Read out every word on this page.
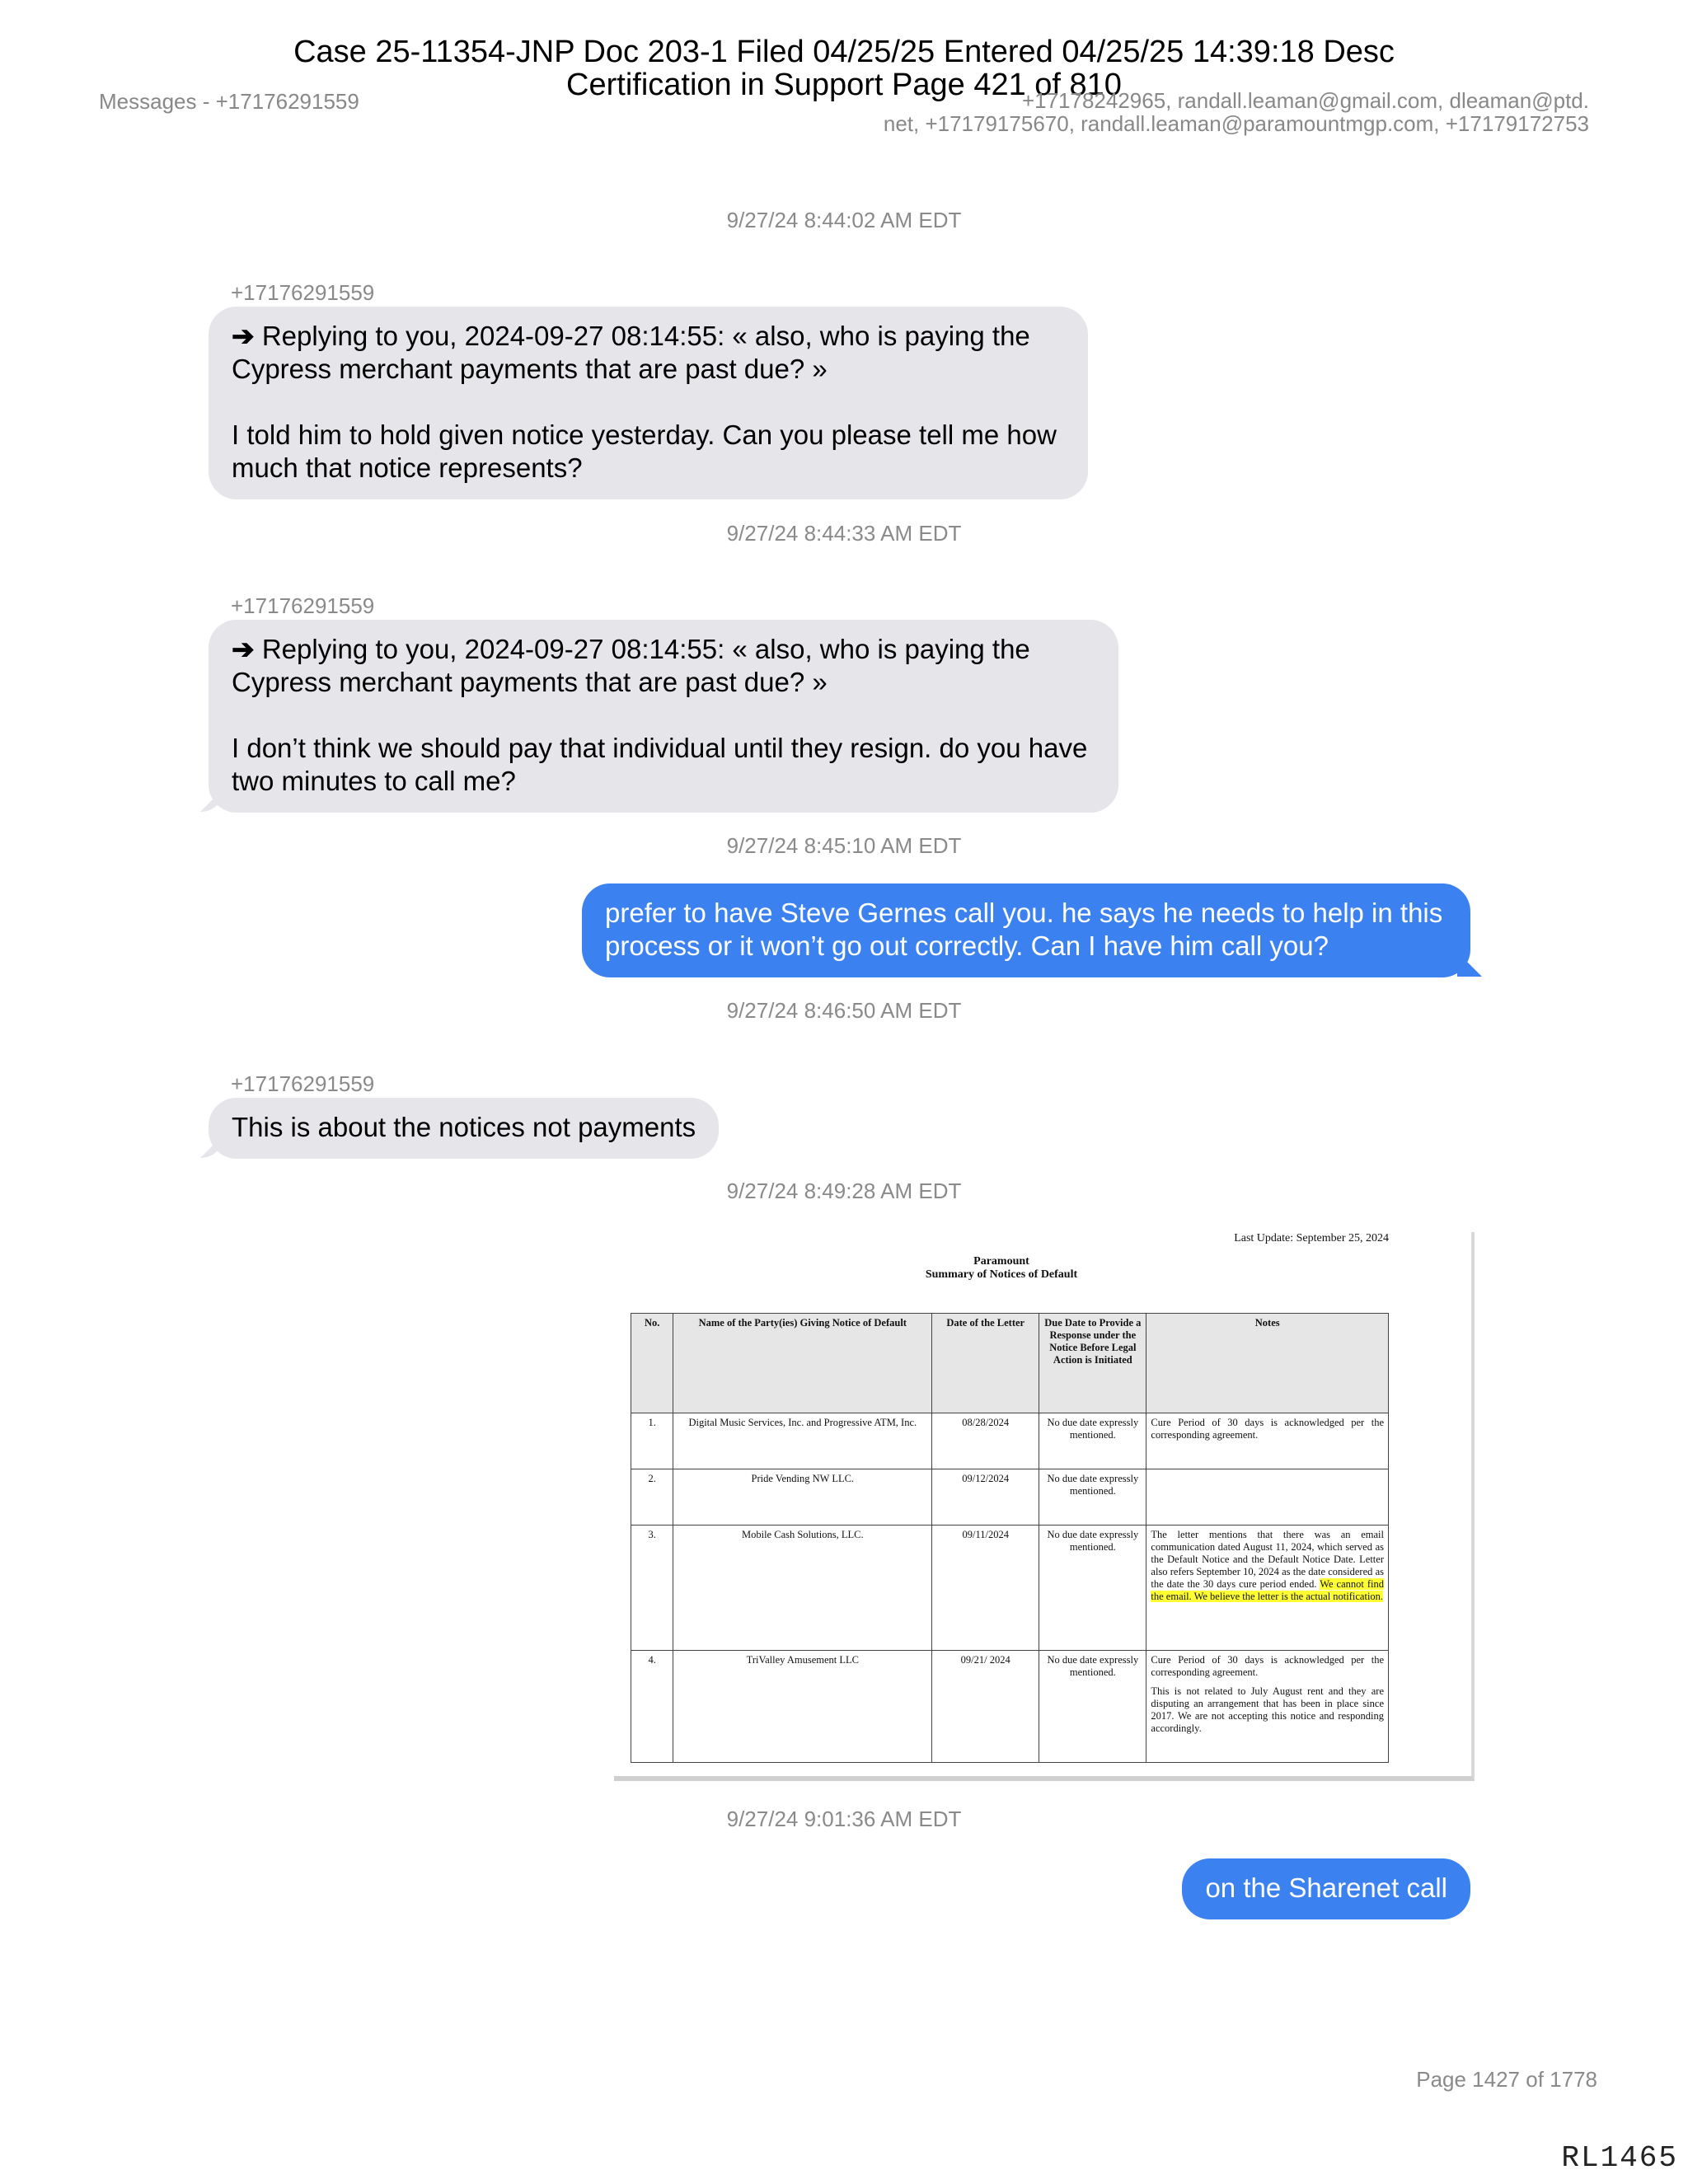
Case 25-11354-JNP Doc 203-1 Filed 04/25/25 Entered 04/25/25 14:39:18 Desc
Certification in Support Page 421 of 810
Messages - +17176291559	+17178242965, randall.leaman@gmail.com, dleaman@ptd.
net, +17179175670, randall.leaman@paramountmgp.com, +17179172753
9/27/24 8:44:02 AM EDT
+17176291559

➔ Replying to you, 2024-09-27 08:14:55: « also, who is paying the Cypress merchant payments that are past due? »

I told him to hold given notice yesterday. Can you please tell me how much that notice represents?

9/27/24 8:44:33 AM EDT
+17176291559

➔ Replying to you, 2024-09-27 08:14:55: « also, who is paying the Cypress merchant payments that are past due? »

I don’t think we should pay that individual until they resign. do you have two minutes to call me?

9/27/24 8:45:10 AM EDT

prefer to have Steve Gernes call you. he says he needs to help in this process or it won’t go out correctly. Can I have him call you?

9/27/24 8:46:50 AM EDT
+17176291559

This is about the notices not payments

9/27/24 8:49:28 AM EDT
Last Update: September 25, 2024
Paramount
Summary of Notices of Default
No.	Name of the Party(ies) Giving Notice of Default	Date of the Letter	Due Date to Provide a Response under the Notice Before Legal Action is Initiated	Notes
1.	Digital Music Services, Inc. and Progressive ATM, Inc.	08/28/2024	No due date expressly mentioned.	Cure Period of 30 days is acknowledged per the corresponding agreement.
2.	Pride Vending NW LLC.	09/12/2024	No due date expressly mentioned.	
3.	Mobile Cash Solutions, LLC.	09/11/2024	No due date expressly mentioned.	The letter mentions that there was an email communication dated August 11, 2024, which served as the Default Notice and the Default Notice Date. Letter also refers September 10, 2024 as the date considered as the date the 30 days cure period ended. We cannot find the email. We believe the letter is the actual notification.
4.	TriValley Amusement LLC	09/21/ 2024	No due date expressly mentioned.	Cure Period of 30 days is acknowledged per the corresponding agreement.
This is not related to July August rent and they are disputing an arrangement that has been in place since 2017. We are not accepting this notice and responding accordingly.
9/27/24 9:01:36 AM EDT

on the Sharenet call

Page 1427 of 1778
RL1465
